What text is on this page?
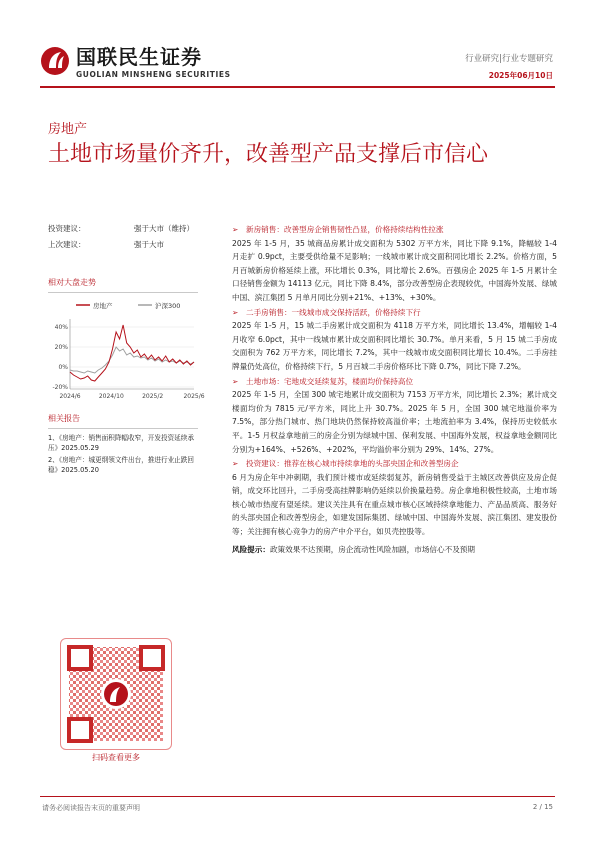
国联民生证券
GUOLIAN MINSHENG SECURITIES
行业研究|行业专题研究
2025年06月10日
房地产
土地市场量价齐升，改善型产品支撑后市信心
投资建议：	强于大市（维持）
上次建议：	强于大市
相对大盘走势
房地产	沪深300
40%
20%
0%
-20%
2024/6	2024/10	2025/2	2025/6
相关报告

1、《房地产：销售面积降幅收窄，开发投资延续承压》2025.05.29

2、《房地产：城更纲领文件出台，推进行业止跌回稳》2025.05.20

扫码查看更多
➢ 新房销售：改善型房企销售韧性凸显，价格持续结构性拉涨
2025 年 1-5 月，35 城商品房累计成交面积为 5302 万平方米，同比下降 9.1%，降幅较 1-4 月走扩 0.9pct，主要受供给量不足影响；一线城市累计成交面积同比增长 2.2%。价格方面，5 月百城新房价格延续上涨，环比增长 0.3%，同比增长 2.6%。百强房企 2025 年 1-5 月累计全口径销售金额为 14113 亿元，同比下降 8.4%，部分改善型房企表现较优，中国海外发展、绿城中国、滨江集团 5 月单月同比分别+21%、+13%、+30%。
➢ 二手房销售：一线城市成交保持活跃，价格持续下行
2025 年 1-5 月，15 城二手房累计成交面积为 4118 万平方米，同比增长 13.4%，增幅较 1-4 月收窄 6.0pct，其中一线城市累计成交面积同比增长 30.7%。单月来看，5 月 15 城二手房成交面积为 762 万平方米，同比增长 7.2%，其中一线城市成交面积同比增长 10.4%。二手房挂牌量仍处高位，价格持续下行，5 月百城二手房价格环比下降 0.7%，同比下降 7.2%。
➢ 土地市场：宅地成交延续复苏，楼面均价保持高位
2025 年 1-5 月，全国 300 城宅地累计成交面积为 7153 万平方米，同比增长 2.3%；累计成交楼面均价为 7815 元/平方米，同比上升 30.7%。2025 年 5 月，全国 300 城宅地溢价率为 7.5%，部分热门城市、热门地块仍然保持较高溢价率；土地流拍率为 3.4%，保持历史较低水平。1-5 月权益拿地前三的房企分别为绿城中国、保利发展、中国海外发展，权益拿地金额同比分别为+164%、+526%、+202%，平均溢价率分别为 29%、14%、27%。
➢ 投资建议：推荐在核心城市持续拿地的头部央国企和改善型房企
6 月为房企年中冲刺期，我们预计楼市或延续弱复苏，新房销售受益于主城区改善供应及房企促销，成交环比回升，二手房受高挂牌影响仍延续以价换量趋势。房企拿地积极性较高，土地市场核心城市热度有望延续。建议关注具有在重点城市核心区域持续拿地能力、产品品质高、服务好的头部央国企和改善型房企，如建发国际集团、绿城中国、中国海外发展、滨江集团、建发股份等；关注拥有核心竞争力的房产中介平台，如贝壳控股等。
风险提示：政策效果不达预期，房企流动性风险加剧，市场信心不及预期
请务必阅读报告末页的重要声明	2 / 15
